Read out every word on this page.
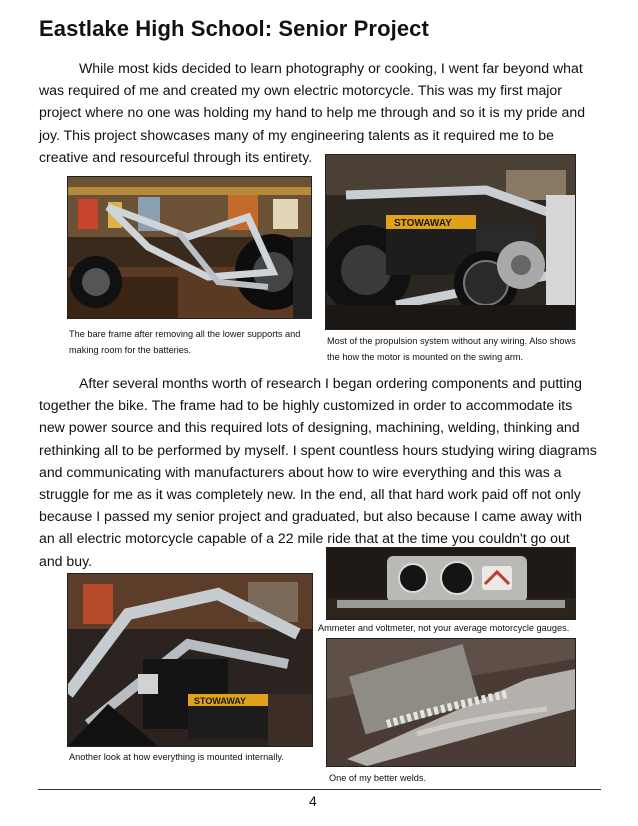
Eastlake High School: Senior Project

While most kids decided to learn photography or cooking, I went far beyond what was required of me and created my own electric motorcycle. This was my first major project where no one was holding my hand to help me through and so it is my pride and joy. This project showcases many of my engineering talents as it required me to be creative and resourceful through its entirety.

The bare frame after removing all the lower supports and making room for the batteries.
STOWAWAY
Most of the propulsion system without any wiring. Also shows the how the motor is mounted on the swing arm.

After several months worth of research I began ordering components and putting together the bike. The frame had to be highly customized in order to accommodate its new power source and this required lots of designing, machining, welding, thinking and rethinking all to be performed by myself. I spent countless hours studying wiring diagrams and communicating with manufacturers about how to wire everything and this was a struggle for me as it was completely new. In the end, all that hard work paid off not only because I passed my senior project and graduated, but also because I came away with an all electric motorcycle capable of a 22 mile ride that at the time you couldn't go out and buy.

STOWAWAY
Another look at how everything is mounted internally.
Ammeter and voltmeter, not your average motorcycle gauges.
One of my better welds.
4
